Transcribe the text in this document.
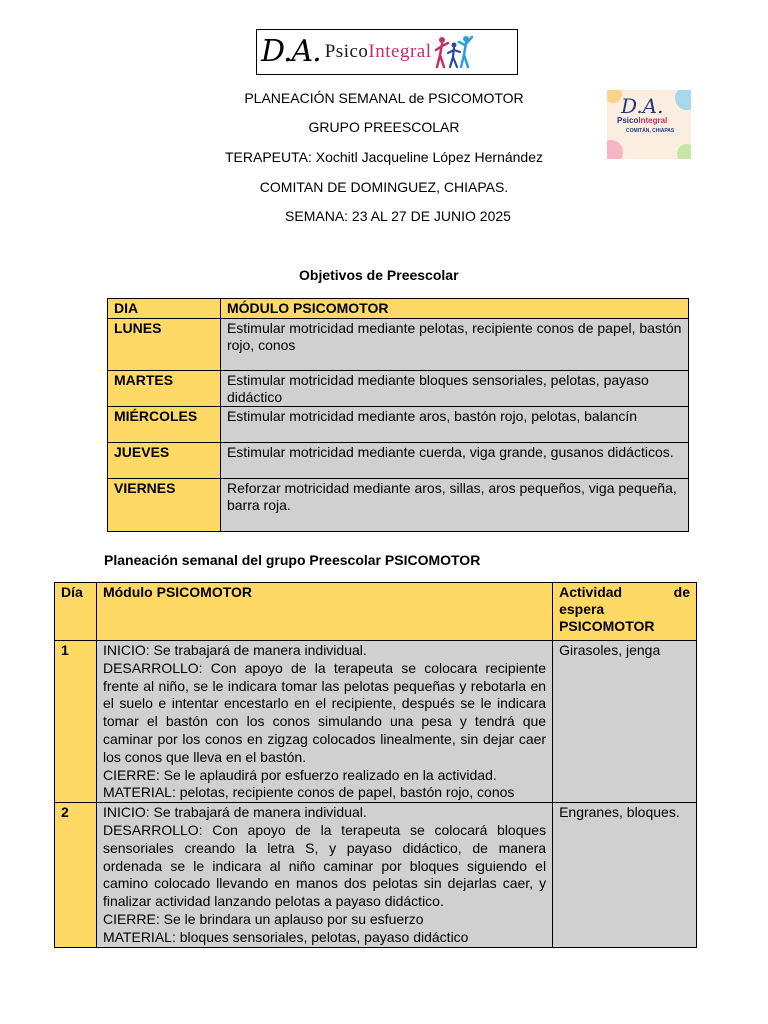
D.A. Psico Integral
D.A.
PsicoIntegral
COMITÁN, CHIAPAS
PLANEACIÓN SEMANAL de PSICOMOTOR
GRUPO PREESCOLAR
TERAPEUTA: Xochitl Jacqueline López Hernández
COMITAN DE DOMINGUEZ, CHIAPAS.
SEMANA: 23 AL 27 DE JUNIO 2025
Objetivos de Preescolar
DIA	MÓDULO PSICOMOTOR
LUNES	Estimular motricidad mediante pelotas, recipiente conos de papel, bastón rojo, conos
MARTES	Estimular motricidad mediante bloques sensoriales, pelotas, payaso didáctico
MIÉRCOLES	Estimular motricidad mediante aros, bastón rojo, pelotas, balancín
JUEVES	Estimular motricidad mediante cuerda, viga grande, gusanos didácticos.
VIERNES	Reforzar motricidad mediante aros, sillas, aros pequeños, viga pequeña, barra roja.
Planeación semanal del grupo Preescolar PSICOMOTOR
Día	Módulo PSICOMOTOR	Actividad de espera PSICOMOTOR
1	INICIO: Se trabajará de manera individual.
DESARROLLO: Con apoyo de la terapeuta se colocara recipiente frente al niño, se le indicara tomar las pelotas pequeñas y rebotarla en el suelo e intentar encestarlo en el recipiente, después se le indicara tomar el bastón con los conos simulando una pesa y tendrá que caminar por los conos en zigzag colocados linealmente, sin dejar caer los conos que lleva en el bastón.
CIERRE: Se le aplaudirá por esfuerzo realizado en la actividad.
MATERIAL: pelotas, recipiente conos de papel, bastón rojo, conos	Girasoles, jenga
2	INICIO: Se trabajará de manera individual.
DESARROLLO: Con apoyo de la terapeuta se colocará bloques sensoriales creando la letra S, y payaso didáctico, de manera ordenada se le indicara al niño caminar por bloques siguiendo el camino colocado llevando en manos dos pelotas sin dejarlas caer, y finalizar actividad lanzando pelotas a payaso didáctico.
CIERRE: Se le brindara un aplauso por su esfuerzo
MATERIAL: bloques sensoriales, pelotas, payaso didáctico	Engranes, bloques.
